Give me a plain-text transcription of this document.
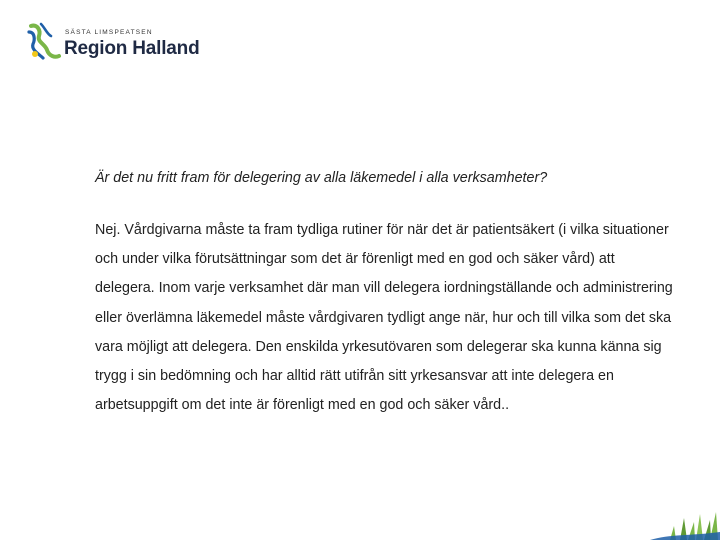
SÄSTA LIMSPEATSEN
Region Halland

Är det nu fritt fram för delegering av alla läkemedel i alla verksamheter?

Nej. Vårdgivarna måste ta fram tydliga rutiner för när det är patientsäkert (i vilka situationer och under vilka förutsättningar som det är förenligt med en god och säker vård) att delegera. Inom varje verksamhet där man vill delegera iordningställande och administrering eller överlämna läkemedel måste vårdgivaren tydligt ange när, hur och till vilka som det ska vara möjligt att delegera. Den enskilda yrkesutövaren som delegerar ska kunna känna sig trygg i sin bedömning och har alltid rätt utifrån sitt yrkesansvar att inte delegera en arbetsuppgift om det inte är förenligt med en god och säker vård..
